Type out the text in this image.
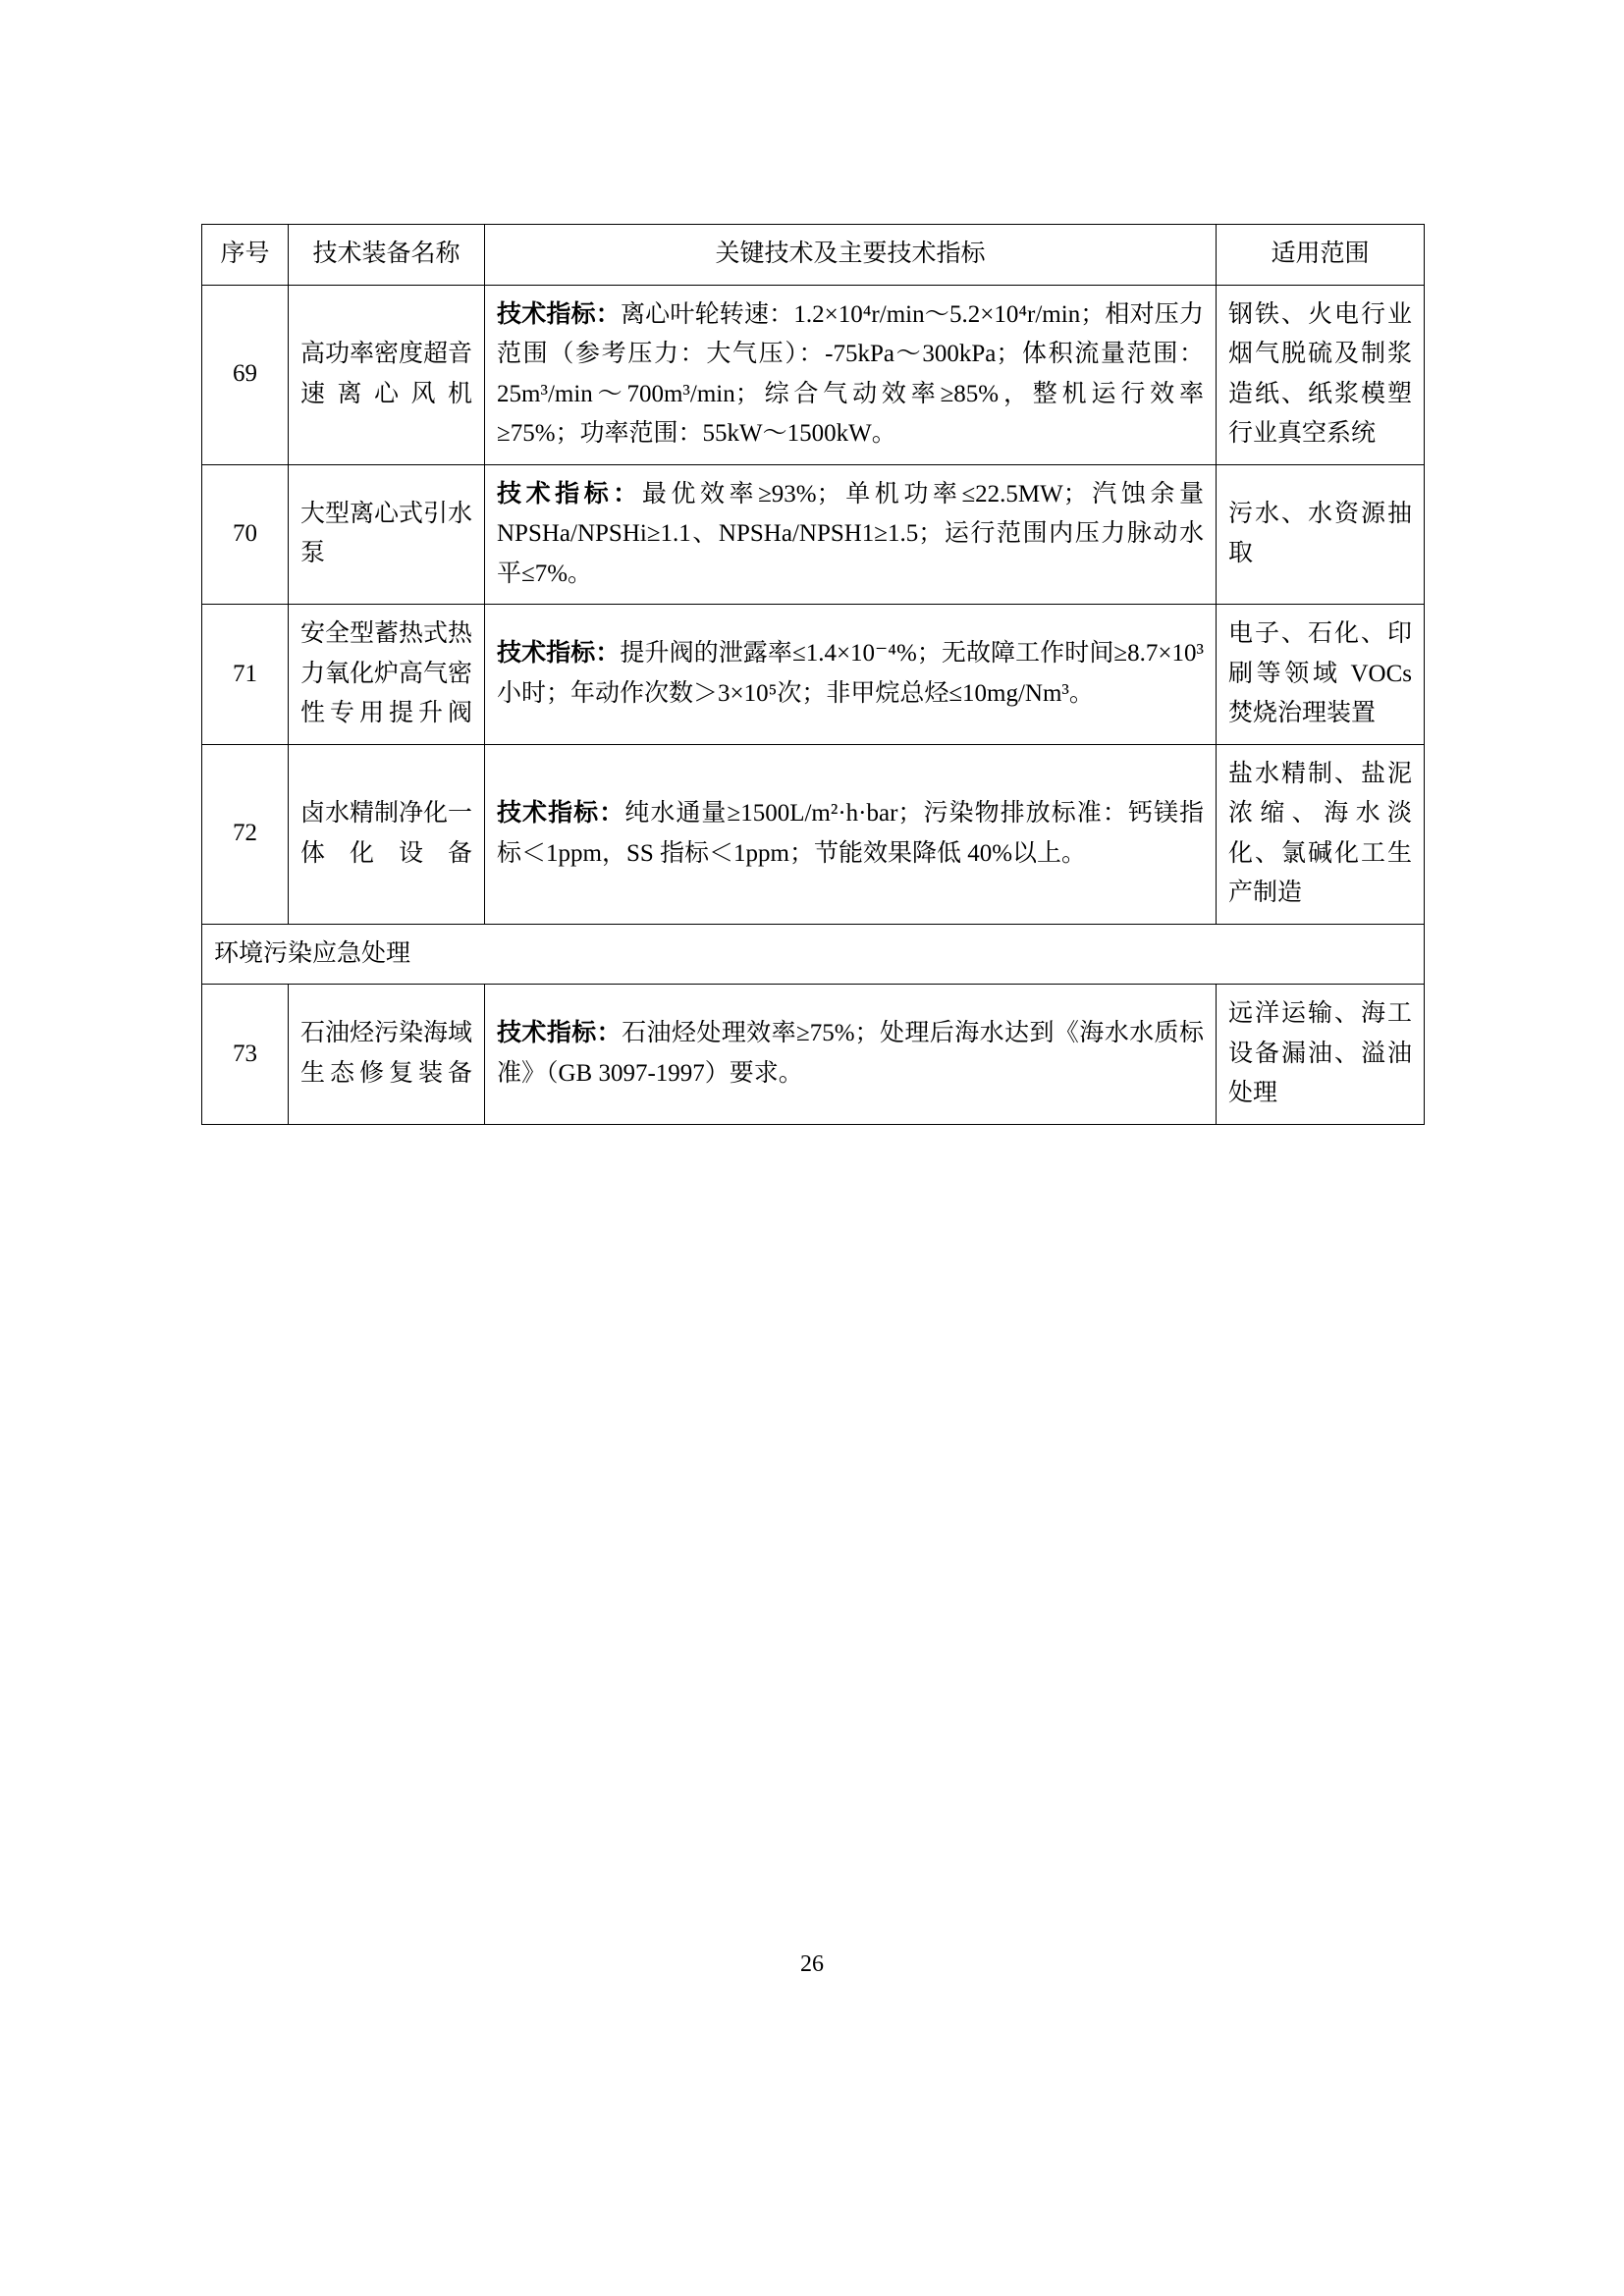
序号	技术装备名称	关键技术及主要技术指标	适用范围
69	高功率密度超音速离心风机	技术指标：离心叶轮转速：1.2×10⁴r/min～5.2×10⁴r/min；相对压力范围（参考压力：大气压）：-75kPa～300kPa；体积流量范围：25m³/min～700m³/min；综合气动效率≥85%，整机运行效率≥75%；功率范围：55kW～1500kW。	钢铁、火电行业烟气脱硫及制浆造纸、纸浆模塑行业真空系统
70	大型离心式引水泵	技术指标：最优效率≥93%；单机功率≤22.5MW；汽蚀余量 NPSHa/NPSHi≥1.1、NPSHa/NPSH1≥1.5；运行范围内压力脉动水平≤7%。	污水、水资源抽取
71	安全型蓄热式热力氧化炉高气密性专用提升阀	技术指标：提升阀的泄露率≤1.4×10⁻⁴%；无故障工作时间≥8.7×10³ 小时；年动作次数＞3×10⁵次；非甲烷总烃≤10mg/Nm³。	电子、石化、印刷等领域 VOCs 焚烧治理装置
72	卤水精制净化一体化设备	技术指标：纯水通量≥1500L/m²·h·bar；污染物排放标准：钙镁指标＜1ppm，SS 指标＜1ppm；节能效果降低 40%以上。	盐水精制、盐泥浓缩、海水淡化、氯碱化工生产制造
环境污染应急处理			
73	石油烃污染海域生态修复装备	技术指标：石油烃处理效率≥75%；处理后海水达到《海水水质标准》（GB 3097-1997）要求。	远洋运输、海工设备漏油、溢油处理
26
